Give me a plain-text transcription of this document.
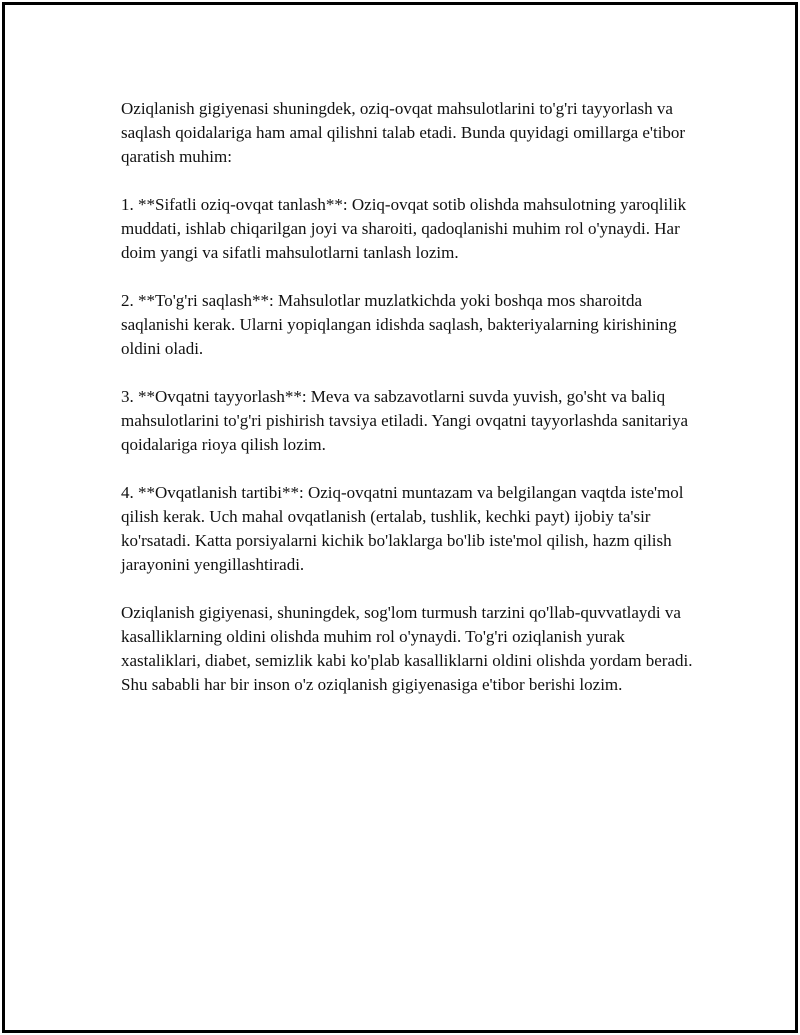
Oziqlanish gigiyenasi shuningdek, oziq-ovqat mahsulotlarini to'g'ri tayyorlash va saqlash qoidalariga ham amal qilishni talab etadi. Bunda quyidagi omillarga e'tibor qaratish muhim:

1. **Sifatli oziq-ovqat tanlash**: Oziq-ovqat sotib olishda mahsulotning yaroqlilik muddati, ishlab chiqarilgan joyi va sharoiti, qadoqlanishi muhim rol o'ynaydi. Har doim yangi va sifatli mahsulotlarni tanlash lozim.

2. **To'g'ri saqlash**: Mahsulotlar muzlatkichda yoki boshqa mos sharoitda saqlanishi kerak. Ularni yopiqlangan idishda saqlash, bakteriyalarning kirishining oldini oladi.

3. **Ovqatni tayyorlash**: Meva va sabzavotlarni suvda yuvish, go'sht va baliq mahsulotlarini to'g'ri pishirish tavsiya etiladi. Yangi ovqatni tayyorlashda sanitariya qoidalariga rioya qilish lozim.

4. **Ovqatlanish tartibi**: Oziq-ovqatni muntazam va belgilangan vaqtda iste'mol qilish kerak. Uch mahal ovqatlanish (ertalab, tushlik, kechki payt) ijobiy ta'sir ko'rsatadi. Katta porsiyalarni kichik bo'laklarga bo'lib iste'mol qilish, hazm qilish jarayonini yengillashtiradi.

Oziqlanish gigiyenasi, shuningdek, sog'lom turmush tarzini qo'llab-quvvatlaydi va kasalliklarning oldini olishda muhim rol o'ynaydi. To'g'ri oziqlanish yurak xastaliklari, diabet, semizlik kabi ko'plab kasalliklarni oldini olishda yordam beradi. Shu sababli har bir inson o'z oziqlanish gigiyenasiga e'tibor berishi lozim.
